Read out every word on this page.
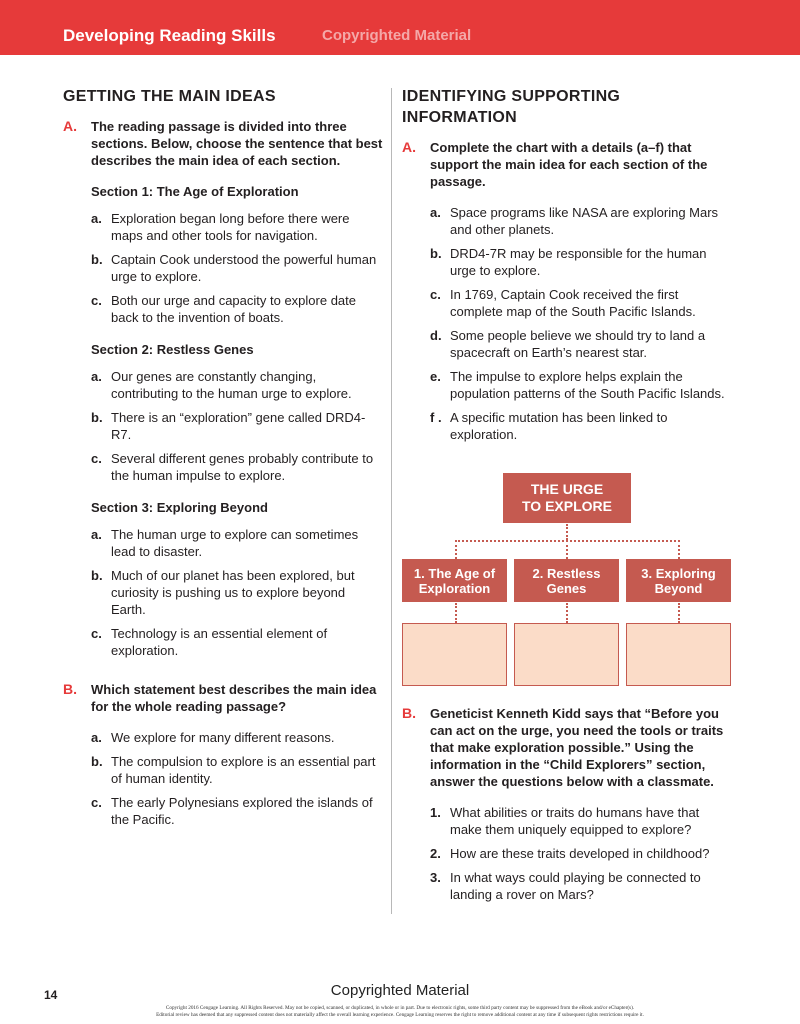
Developing Reading Skills	Copyrighted Material
GETTING THE MAIN IDEAS
A. The reading passage is divided into three sections. Below, choose the sentence that best describes the main idea of each section.
Section 1: The Age of Exploration
a. Exploration began long before there were maps and other tools for navigation.
b. Captain Cook understood the powerful human urge to explore.
c. Both our urge and capacity to explore date back to the invention of boats.
Section 2: Restless Genes
a. Our genes are constantly changing, contributing to the human urge to explore.
b. There is an “exploration” gene called DRD4-R7.
c. Several different genes probably contribute to the human impulse to explore.
Section 3: Exploring Beyond
a. The human urge to explore can sometimes lead to disaster.
b. Much of our planet has been explored, but curiosity is pushing us to explore beyond Earth.
c. Technology is an essential element of exploration.
B. Which statement best describes the main idea for the whole reading passage?
a. We explore for many different reasons.
b. The compulsion to explore is an essential part of human identity.
c. The early Polynesians explored the islands of the Pacific.
IDENTIFYING SUPPORTING INFORMATION
A. Complete the chart with a details (a–f) that support the main idea for each section of the passage.
a. Space programs like NASA are exploring Mars and other planets.
b. DRD4-7R may be responsible for the human urge to explore.
c. In 1769, Captain Cook received the first complete map of the South Pacific Islands.
d. Some people believe we should try to land a spacecraft on Earth’s nearest star.
e. The impulse to explore helps explain the population patterns of the South Pacific Islands.
f . A specific mutation has been linked to exploration.
THE URGE
TO EXPLORE
1. The Age of
Exploration
2. Restless
Genes
3. Exploring
Beyond
B. Geneticist Kenneth Kidd says that “Before you can act on the urge, you need the tools or traits that make exploration possible.” Using the information in the “Child Explorers” section, answer the questions below with a classmate.
1. What abilities or traits do humans have that make them uniquely equipped to explore?
2. How are these traits developed in childhood?
3. In what ways could playing be connected to landing a rover on Mars?
14	Copyrighted Material
Copyright 2016 Cengage Learning. All Rights Reserved. May not be copied, scanned, or duplicated, in whole or in part. Due to electronic rights, some third party content may be suppressed from the eBook and/or eChapter(s).
Editorial review has deemed that any suppressed content does not materially affect the overall learning experience. Cengage Learning reserves the right to remove additional content at any time if subsequent rights restrictions require it.
